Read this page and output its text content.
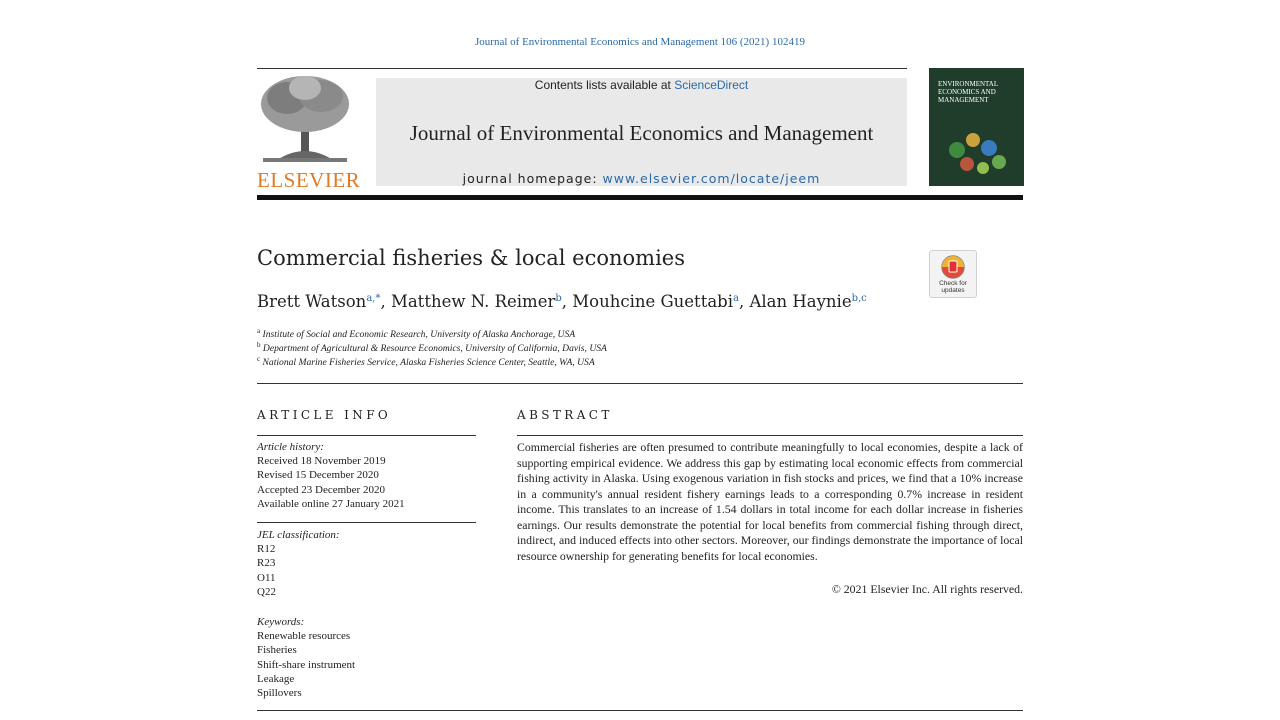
Journal of Environmental Economics and Management 106 (2021) 102419
ELSEVIER
Contents lists available at ScienceDirect
Journal of Environmental Economics and Management
journal homepage: www.elsevier.com/locate/jeem
ENVIRONMENTAL ECONOMICS AND MANAGEMENT
Commercial fisheries & local economies
Check for updates
Brett Watson$^{a,*}$, Matthew N. Reimer$^b$, Mouhcine Guettabi$^a$, Alan Haynie$^{b,c}$
$^a$ Institute of Social and Economic Research, University of Alaska Anchorage, USA
$^b$ Department of Agricultural & Resource Economics, University of California, Davis, USA
$^c$ National Marine Fisheries Service, Alaska Fisheries Science Center, Seattle, WA, USA
ARTICLE INFO
Article history:
Received 18 November 2019
Revised 15 December 2020
Accepted 23 December 2020
Available online 27 January 2021
JEL classification:
R12
R23
O11
Q22
Keywords:
Renewable resources
Fisheries
Shift-share instrument
Leakage
Spillovers
ABSTRACT
Commercial fisheries are often presumed to contribute meaningfully to local economies, despite a lack of supporting empirical evidence. We address this gap by estimating local economic effects from commercial fishing activity in Alaska. Using exogenous variation in fish stocks and prices, we find that a 10% increase in a community's annual resident fishery earnings leads to a corresponding 0.7% increase in resident income. This translates to an increase of 1.54 dollars in total income for each dollar increase in fisheries earnings. Our results demonstrate the potential for local benefits from commercial fishing through direct, indirect, and induced effects into other sectors. Moreover, our findings demonstrate the importance of local resource ownership for generating benefits for local economies.
© 2021 Elsevier Inc. All rights reserved.
